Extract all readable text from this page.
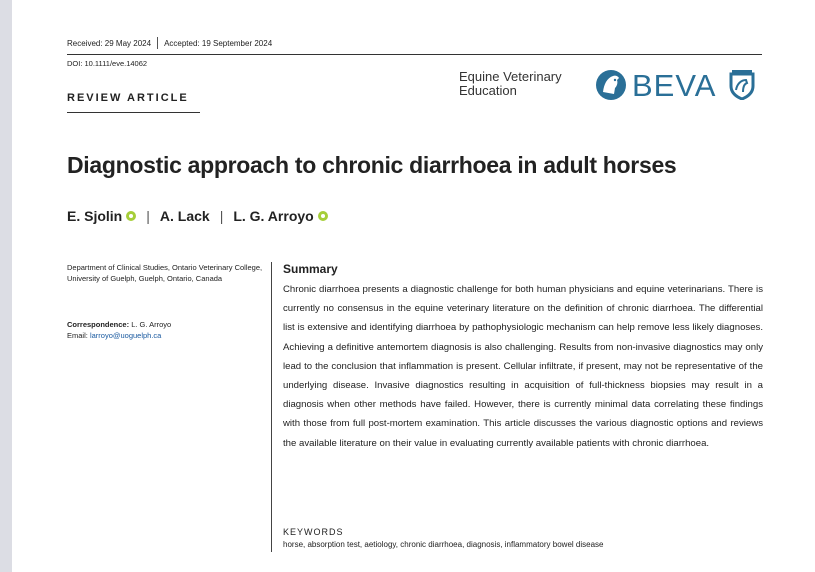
Received: 29 May 2024 Accepted: 19 September 2024
DOI: 10.1111/eve.14062
REVIEW ARTICLE
Equine Veterinary
Education	BEVA
Diagnostic approach to chronic diarrhoea in adult horses
E. Sjolin | A. Lack | L. G. Arroyo
Department of Clinical Studies, Ontario Veterinary College, University of Guelph, Guelph, Ontario, Canada
Correspondence: L. G. Arroyo
Email: larroyo@uoguelph.ca
Summary
Chronic diarrhoea presents a diagnostic challenge for both human physicians and equine veterinarians. There is currently no consensus in the equine veterinary literature on the definition of chronic diarrhoea. The differential list is extensive and identifying diarrhoea by pathophysiologic mechanism can help remove less likely diagnoses. Achieving a definitive antemortem diagnosis is also challenging. Results from non-invasive diagnostics may only lead to the conclusion that inflammation is present. Cellular infiltrate, if present, may not be representative of the underlying disease. Invasive diagnostics resulting in acquisition of full-thickness biopsies may result in a diagnosis when other methods have failed. However, there is currently minimal data correlating these findings with those from full post-mortem examination. This article discusses the various diagnostic options and reviews the available literature on their value in evaluating currently available patients with chronic diarrhoea.
KEYWORDS
horse, absorption test, aetiology, chronic diarrhoea, diagnosis, inflammatory bowel disease
